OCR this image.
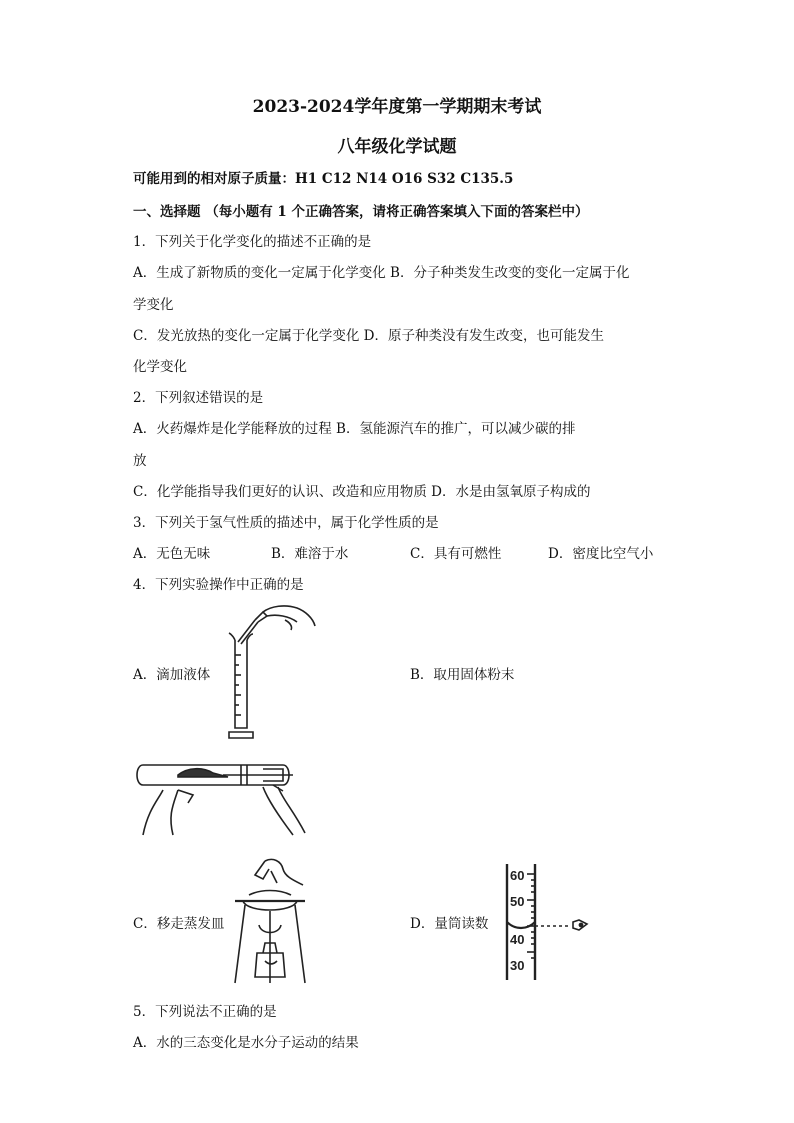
2023-2024学年度第一学期期末考试
八年级化学试题
可能用到的相对原子质量：H1 C12 N14 O16 S32 C135.5
一、选择题 （每小题有 1 个正确答案，请将正确答案填入下面的答案栏中）
1．下列关于化学变化的描述不正确的是
A．生成了新物质的变化一定属于化学变化 B．分子种类发生改变的变化一定属于化
学变化
C．发光放热的变化一定属于化学变化 D．原子种类没有发生改变，也可能发生
化学变化
2．下列叙述错误的是
A．火药爆炸是化学能释放的过程 B．氢能源汽车的推广，可以减少碳的排
放
C．化学能指导我们更好的认识、改造和应用物质 D．水是由氢氧原子构成的
3．下列关于氢气性质的描述中，属于化学性质的是
A．无色无味	B．难溶于水	C．具有可燃性	D．密度比空气小
4．下列实验操作中正确的是
A．滴加液体	B．取用固体粉末
C．移走蒸发皿	D．量筒读数
60
50
40
30
5．下列说法不正确的是
A．水的三态变化是水分子运动的结果
